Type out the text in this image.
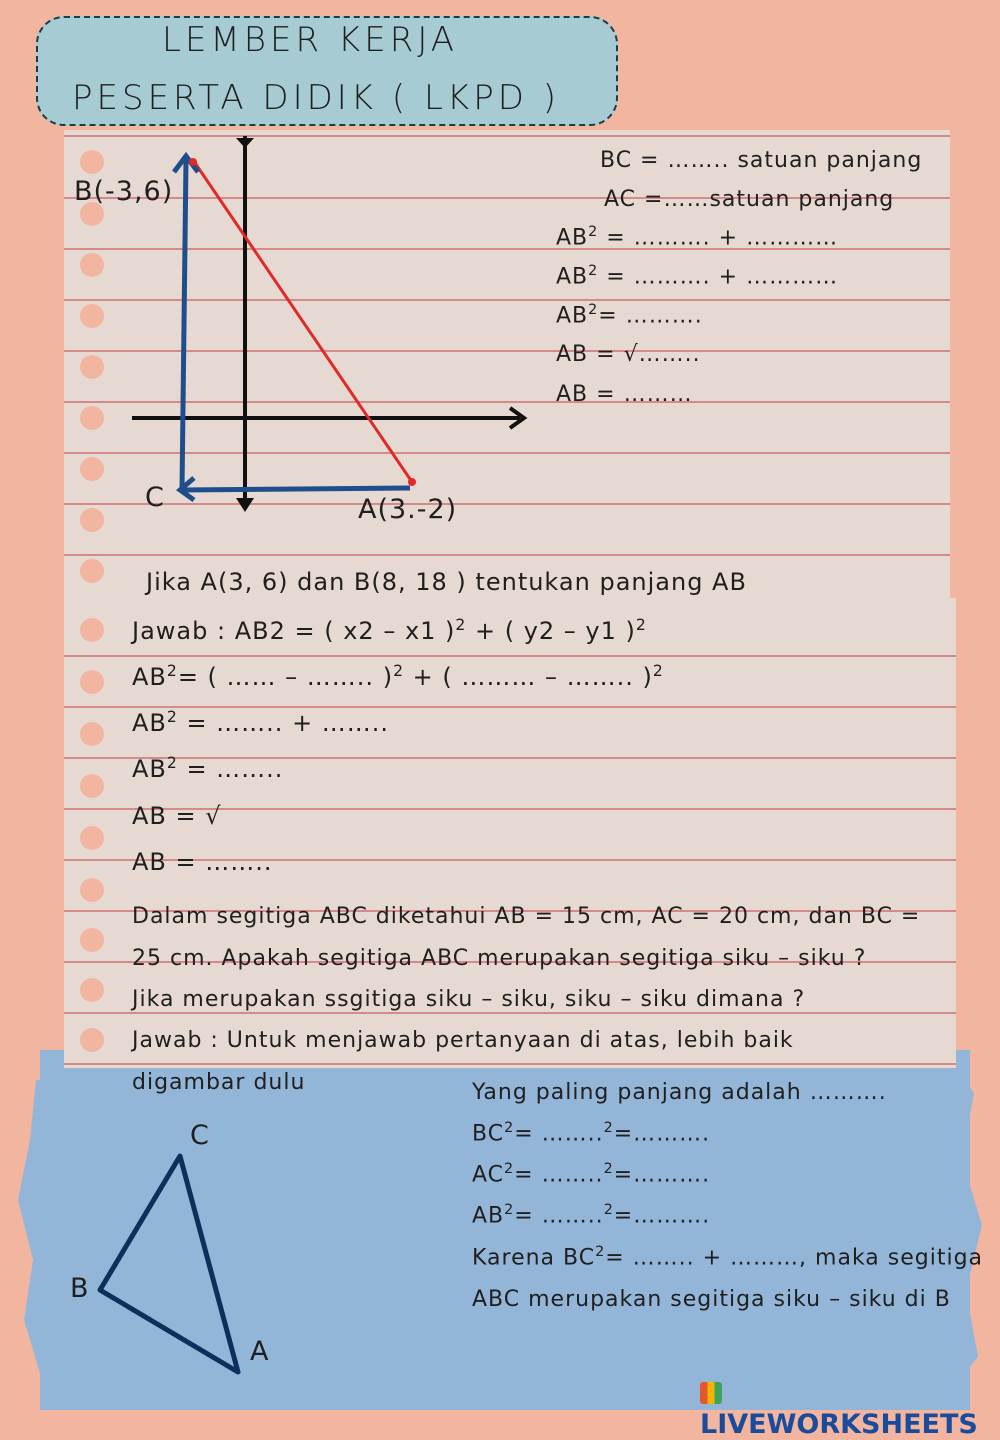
LEMBER KERJA
PESERTA DIDIK ( LKPD )
B(-3,6)
C	A(3.-2)
BC = …….. satuan panjang
AC =……satuan panjang
$AB^2$ = ………. + …………
$AB^2$ = ………. + …………
$AB^2=$ ……….
AB = √……..
AB = ………
Jika A(3, 6) dan B(8, 18 ) tentukan panjang AB
Jawab : AB2 = ( x2 – x1 )$^2$ + ( y2 – y1 )$^2$
$AB^2=$ ( …… – …….. )$^2$ + ( ……… – …….. )$^2$
$AB^2$ = …….. + ……..
$AB^2$ = ……..
AB = √
AB = ……..
Dalam segitiga ABC diketahui AB = 15 cm, AC = 20 cm, dan BC =
25 cm. Apakah segitiga ABC merupakan segitiga siku – siku ?
Jika merupakan ssgitiga siku – siku, siku – siku dimana ?
Jawab : Untuk menjawab pertanyaan di atas, lebih baik
digambar dulu
C
B
A
Yang paling panjang adalah ……….
$BC^2=$ ……..$^2$=……….
$AC^2=$ ……..$^2$=……….
$AB^2=$ ……..$^2$=……….
Karena $BC^2=$ …….. + ………, maka segitiga
ABC merupakan segitiga siku – siku di B
LIVEWORKSHEETS
